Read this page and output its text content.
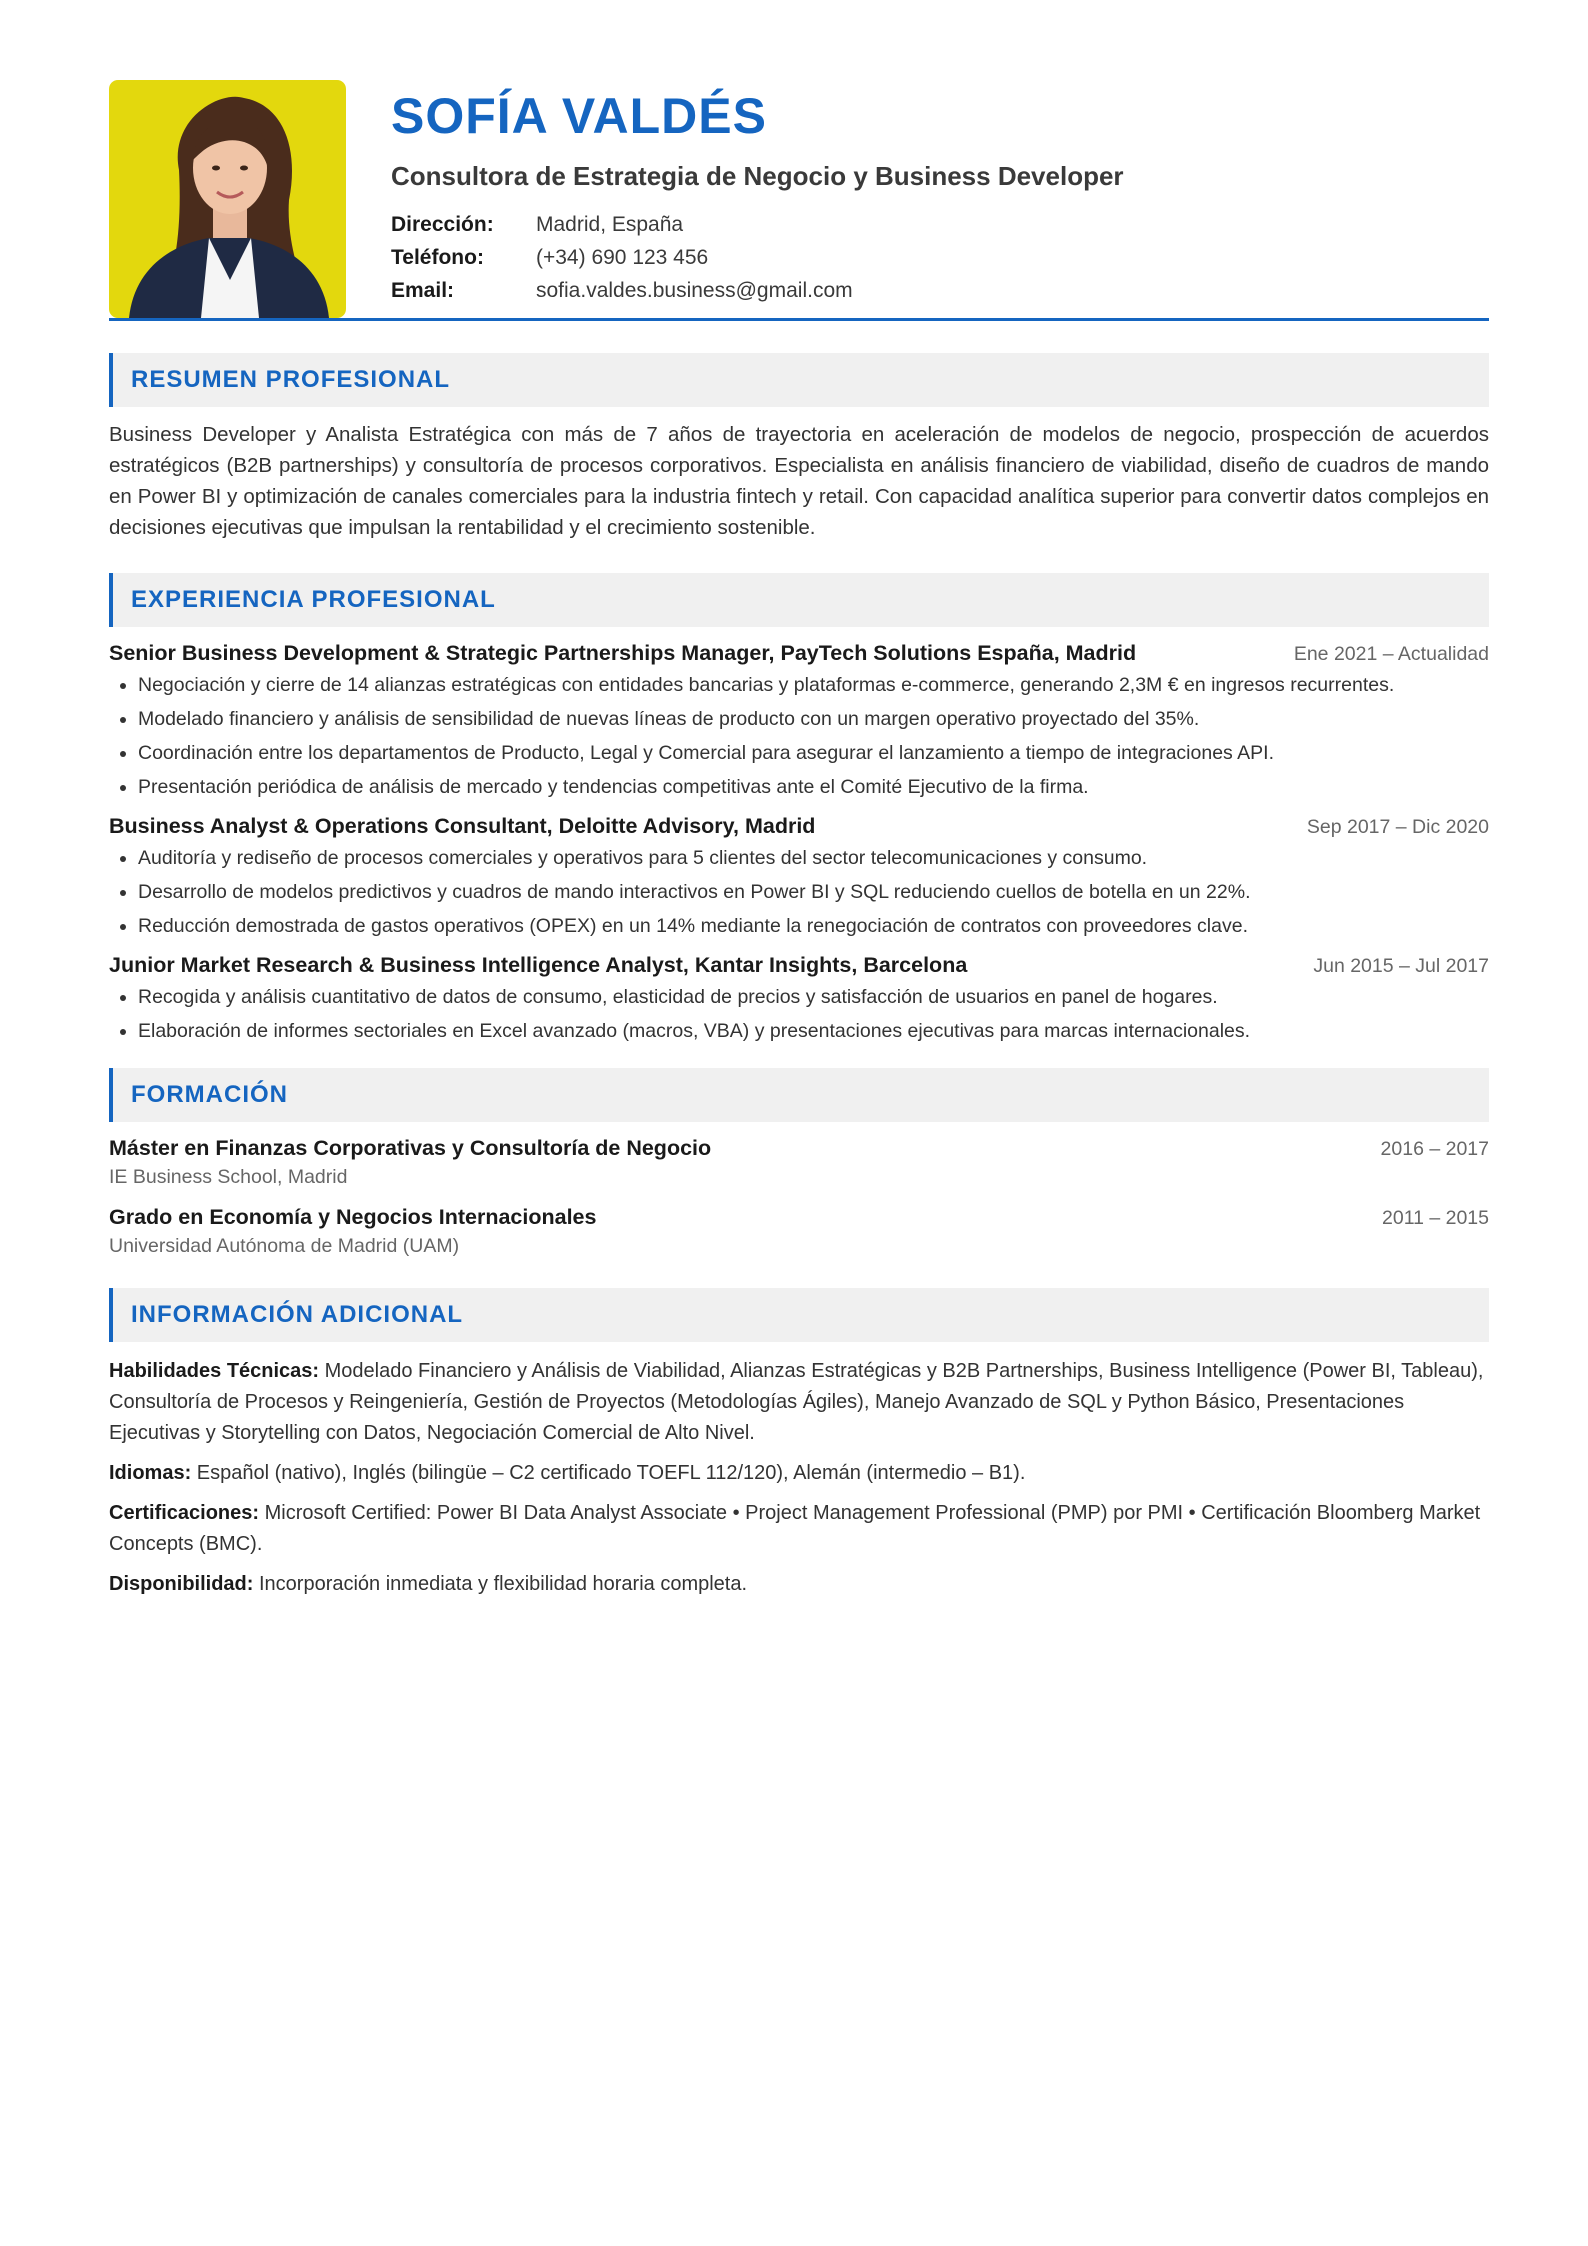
SOFÍA VALDÉS
Consultora de Estrategia de Negocio y Business Developer
Dirección:	Madrid, España
Teléfono:	(+34) 690 123 456
Email:	sofia.valdes.business@gmail.com
RESUMEN PROFESIONAL
Business Developer y Analista Estratégica con más de 7 años de trayectoria en aceleración de modelos de negocio, prospección de acuerdos estratégicos (B2B partnerships) y consultoría de procesos corporativos. Especialista en análisis financiero de viabilidad, diseño de cuadros de mando en Power BI y optimización de canales comerciales para la industria fintech y retail. Con capacidad analítica superior para convertir datos complejos en decisiones ejecutivas que impulsan la rentabilidad y el crecimiento sostenible.
EXPERIENCIA PROFESIONAL
Senior Business Development & Strategic Partnerships Manager, PayTech Solutions España, Madrid	Ene 2021 – Actualidad
• Negociación y cierre de 14 alianzas estratégicas con entidades bancarias y plataformas e-commerce, generando 2,3M € en ingresos recurrentes.
• Modelado financiero y análisis de sensibilidad de nuevas líneas de producto con un margen operativo proyectado del 35%.
• Coordinación entre los departamentos de Producto, Legal y Comercial para asegurar el lanzamiento a tiempo de integraciones API.
• Presentación periódica de análisis de mercado y tendencias competitivas ante el Comité Ejecutivo de la firma.
Business Analyst & Operations Consultant, Deloitte Advisory, Madrid	Sep 2017 – Dic 2020
• Auditoría y rediseño de procesos comerciales y operativos para 5 clientes del sector telecomunicaciones y consumo.
• Desarrollo de modelos predictivos y cuadros de mando interactivos en Power BI y SQL reduciendo cuellos de botella en un 22%.
• Reducción demostrada de gastos operativos (OPEX) en un 14% mediante la renegociación de contratos con proveedores clave.
Junior Market Research & Business Intelligence Analyst, Kantar Insights, Barcelona	Jun 2015 – Jul 2017
• Recogida y análisis cuantitativo de datos de consumo, elasticidad de precios y satisfacción de usuarios en panel de hogares.
• Elaboración de informes sectoriales en Excel avanzado (macros, VBA) y presentaciones ejecutivas para marcas internacionales.
FORMACIÓN
Máster en Finanzas Corporativas y Consultoría de Negocio	2016 – 2017
IE Business School, Madrid
Grado en Economía y Negocios Internacionales	2011 – 2015
Universidad Autónoma de Madrid (UAM)
INFORMACIÓN ADICIONAL

Habilidades Técnicas: Modelado Financiero y Análisis de Viabilidad, Alianzas Estratégicas y B2B Partnerships, Business Intelligence (Power BI, Tableau), Consultoría de Procesos y Reingeniería, Gestión de Proyectos (Metodologías Ágiles), Manejo Avanzado de SQL y Python Básico, Presentaciones Ejecutivas y Storytelling con Datos, Negociación Comercial de Alto Nivel.

Idiomas: Español (nativo), Inglés (bilingüe – C2 certificado TOEFL 112/120), Alemán (intermedio – B1).

Certificaciones: Microsoft Certified: Power BI Data Analyst Associate • Project Management Professional (PMP) por PMI • Certificación Bloomberg Market Concepts (BMC).

Disponibilidad: Incorporación inmediata y flexibilidad horaria completa.
